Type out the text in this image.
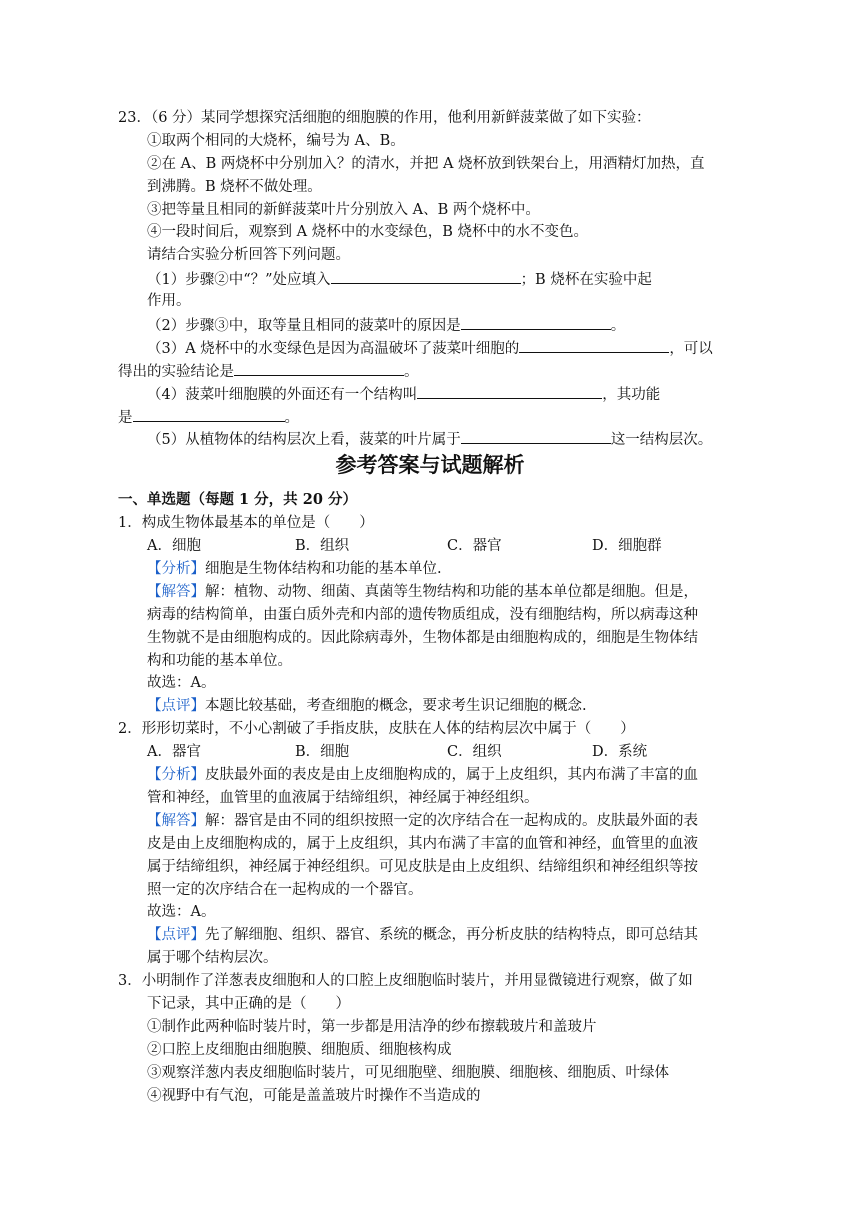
23．（6 分）某同学想探究活细胞的细胞膜的作用，他利用新鲜菠菜做了如下实验：
①取两个相同的大烧杯，编号为 A、B。
②在 A、B 两烧杯中分别加入？的清水，并把 A 烧杯放到铁架台上，用酒精灯加热，直
到沸腾。B 烧杯不做处理。
③把等量且相同的新鲜菠菜叶片分别放入 A、B 两个烧杯中。
④一段时间后，观察到 A 烧杯中的水变绿色，B 烧杯中的水不变色。
请结合实验分析回答下列问题。
（1）步骤②中“？”处应填入	；B 烧杯在实验中起
作用。
（2）步骤③中，取等量且相同的菠菜叶的原因是	。
（3）A 烧杯中的水变绿色是因为高温破坏了菠菜叶细胞的	，可以
得出的实验结论是	。
（4）菠菜叶细胞膜的外面还有一个结构叫	，其功能
是	。
（5）从植物体的结构层次上看，菠菜的叶片属于	这一结构层次。
参考答案与试题解析
一、单选题（每题 1 分，共 20 分）
1．构成生物体最基本的单位是（　　）
A．细胞	B．组织	C．器官	D．细胞群
【分析】细胞是生物体结构和功能的基本单位.
【解答】解：植物、动物、细菌、真菌等生物结构和功能的基本单位都是细胞。但是，
病毒的结构简单，由蛋白质外壳和内部的遗传物质组成，没有细胞结构，所以病毒这种
生物就不是由细胞构成的。因此除病毒外，生物体都是由细胞构成的，细胞是生物体结
构和功能的基本单位。
故选：A。
【点评】本题比较基础，考查细胞的概念，要求考生识记细胞的概念.
2．形形切菜时，不小心割破了手指皮肤，皮肤在人体的结构层次中属于（　　）
A．器官	B．细胞	C．组织	D．系统
【分析】皮肤最外面的表皮是由上皮细胞构成的，属于上皮组织，其内布满了丰富的血
管和神经，血管里的血液属于结缔组织，神经属于神经组织。
【解答】解：器官是由不同的组织按照一定的次序结合在一起构成的。皮肤最外面的表
皮是由上皮细胞构成的，属于上皮组织，其内布满了丰富的血管和神经，血管里的血液
属于结缔组织，神经属于神经组织。可见皮肤是由上皮组织、结缔组织和神经组织等按
照一定的次序结合在一起构成的一个器官。
故选：A。
【点评】先了解细胞、组织、器官、系统的概念，再分析皮肤的结构特点，即可总结其
属于哪个结构层次。
3．小明制作了洋葱表皮细胞和人的口腔上皮细胞临时装片，并用显微镜进行观察，做了如
下记录，其中正确的是（　　）
①制作此两种临时装片时，第一步都是用洁净的纱布擦载玻片和盖玻片
②口腔上皮细胞由细胞膜、细胞质、细胞核构成
③观察洋葱内表皮细胞临时装片，可见细胞壁、细胞膜、细胞核、细胞质、叶绿体
④视野中有气泡，可能是盖盖玻片时操作不当造成的
